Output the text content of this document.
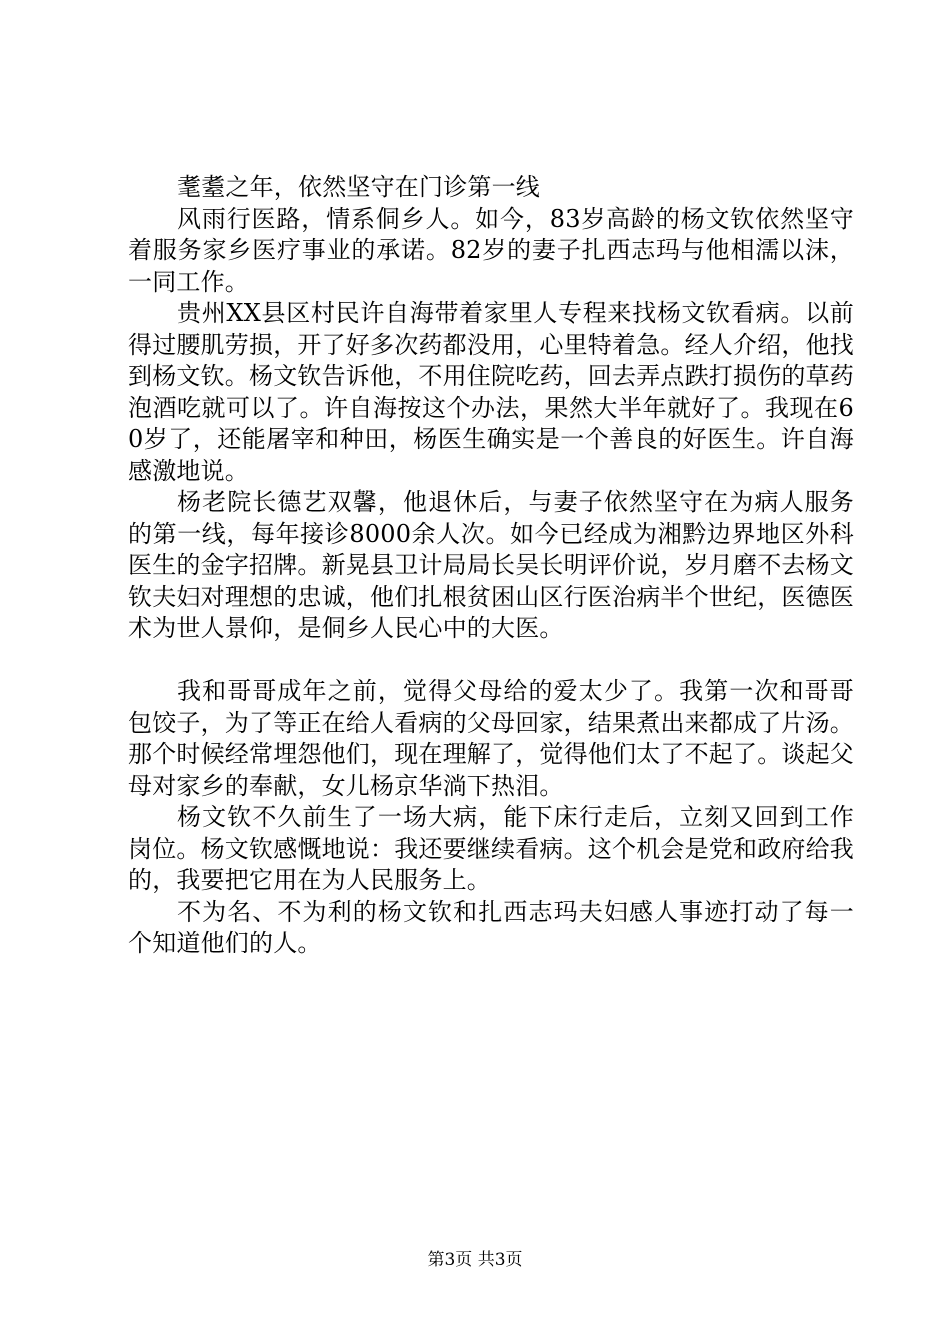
耄耋之年，依然坚守在门诊第一线

风雨行医路，情系侗乡人。如今，83岁高龄的杨文钦依然坚守着服务家乡医疗事业的承诺。82岁的妻子扎西志玛与他相濡以沫，一同工作。

贵州XX县区村民许自海带着家里人专程来找杨文钦看病。以前得过腰肌劳损，开了好多次药都没用，心里特着急。经人介绍，他找到杨文钦。杨文钦告诉他，不用住院吃药，回去弄点跌打损伤的草药泡酒吃就可以了。许自海按这个办法，果然大半年就好了。我现在60岁了，还能屠宰和种田，杨医生确实是一个善良的好医生。许自海感激地说。

杨老院长德艺双馨，他退休后，与妻子依然坚守在为病人服务的第一线，每年接诊8000余人次。如今已经成为湘黔边界地区外科医生的金字招牌。新晃县卫计局局长吴长明评价说，岁月磨不去杨文钦夫妇对理想的忠诚，他们扎根贫困山区行医治病半个世纪，医德医术为世人景仰，是侗乡人民心中的大医。

我和哥哥成年之前，觉得父母给的爱太少了。我第一次和哥哥包饺子，为了等正在给人看病的父母回家，结果煮出来都成了片汤。那个时候经常埋怨他们，现在理解了，觉得他们太了不起了。谈起父母对家乡的奉献，女儿杨京华淌下热泪。

杨文钦不久前生了一场大病，能下床行走后，立刻又回到工作岗位。杨文钦感慨地说：我还要继续看病。这个机会是党和政府给我的，我要把它用在为人民服务上。

不为名、不为利的杨文钦和扎西志玛夫妇感人事迹打动了每一个知道他们的人。

第3页 共3页
